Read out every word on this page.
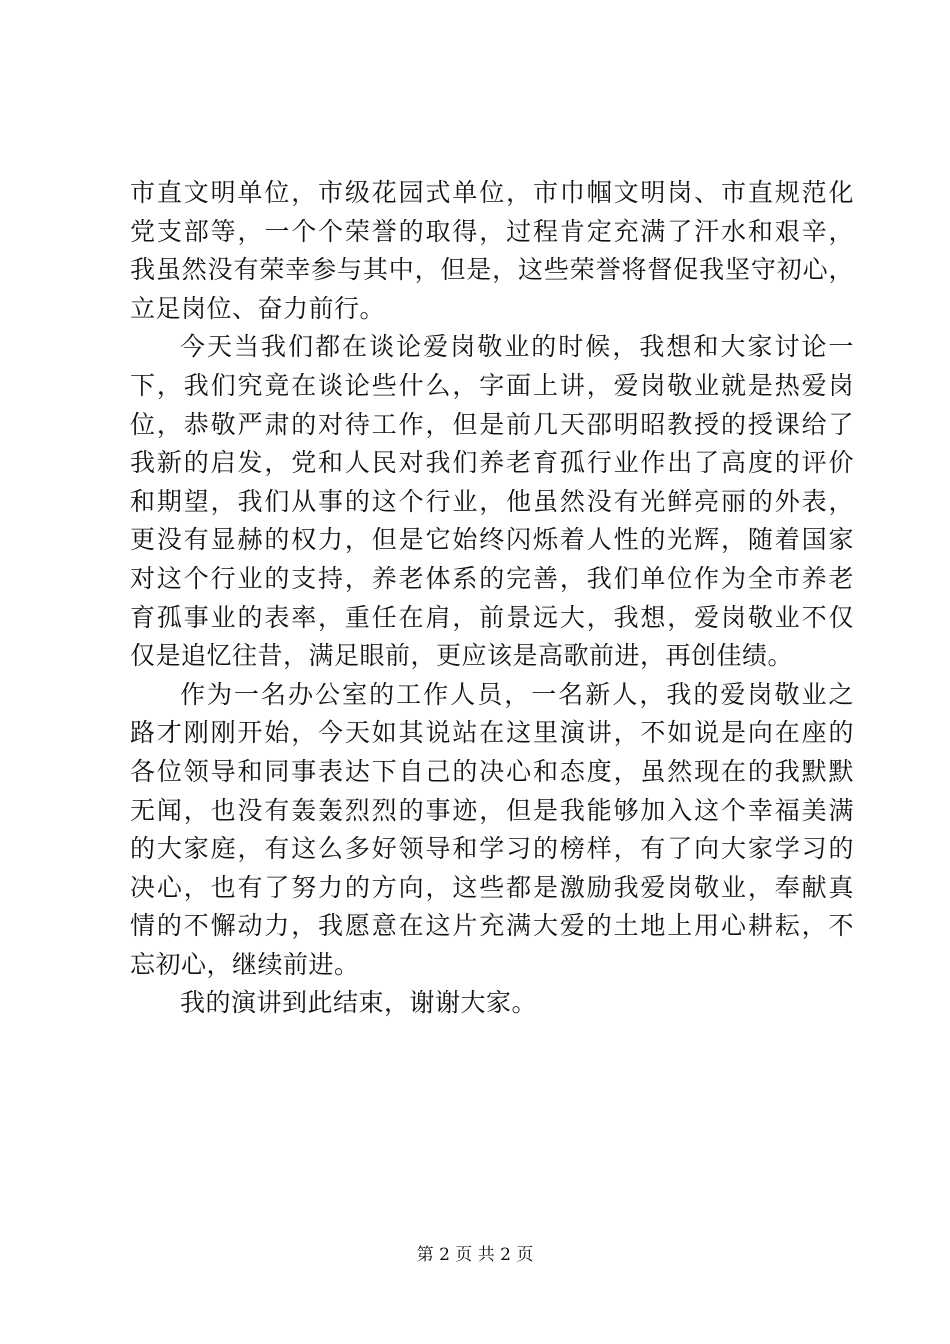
市直文明单位，市级花园式单位，市巾帼文明岗、市直规范化
党支部等，一个个荣誉的取得，过程肯定充满了汗水和艰辛，
我虽然没有荣幸参与其中，但是，这些荣誉将督促我坚守初心，
立足岗位、奋力前行。
今天当我们都在谈论爱岗敬业的时候，我想和大家讨论一
下，我们究竟在谈论些什么，字面上讲，爱岗敬业就是热爱岗
位，恭敬严肃的对待工作，但是前几天邵明昭教授的授课给了
我新的启发，党和人民对我们养老育孤行业作出了高度的评价
和期望，我们从事的这个行业，他虽然没有光鲜亮丽的外表，
更没有显赫的权力，但是它始终闪烁着人性的光辉，随着国家
对这个行业的支持，养老体系的完善，我们单位作为全市养老
育孤事业的表率，重任在肩，前景远大，我想，爱岗敬业不仅
仅是追忆往昔，满足眼前，更应该是高歌前进，再创佳绩。
作为一名办公室的工作人员，一名新人，我的爱岗敬业之
路才刚刚开始，今天如其说站在这里演讲，不如说是向在座的
各位领导和同事表达下自己的决心和态度，虽然现在的我默默
无闻，也没有轰轰烈烈的事迹，但是我能够加入这个幸福美满
的大家庭，有这么多好领导和学习的榜样，有了向大家学习的
决心，也有了努力的方向，这些都是激励我爱岗敬业，奉献真
情的不懈动力，我愿意在这片充满大爱的土地上用心耕耘，不
忘初心，继续前进。
我的演讲到此结束，谢谢大家。
第 2 页 共 2 页
